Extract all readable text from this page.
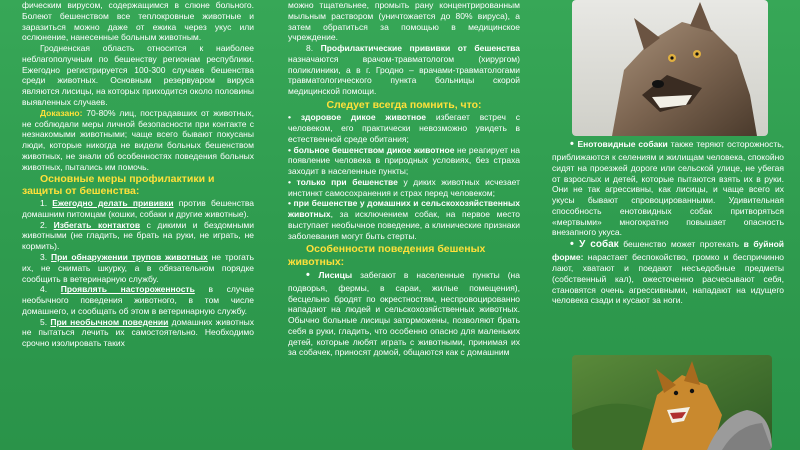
фическим вирусом, содержащимся в слюне больного. Болеют бешенством все теплокровные животные и заразиться можно даже от ежика через укус или ослюнение, нанесенные больным животным.

Гродненская область относится к наиболее неблагополучным по бешенству регионам республики. Ежегодно регистрируется 100-300 случаев бешенства среди животных. Основным резервуаром вируса являются лисицы, на которых приходится около половины выявленных случаев.

Доказано: 70-80% лиц, пострадавших от животных, не соблюдали меры личной безопасности при контакте с незнакомыми животными; чаще всего бывают покусаны люди, которые никогда не видели больных бешенством животных, не знали об особенностях поведения больных животных, пытались им помочь.

Основные меры профилактики и защиты от бешенства:

1. Ежегодно делать прививки против бешенства домашним питомцам (кошки, собаки и другие животные).

2. Избегать контактов с дикими и бездомными животными (не гладить, не брать на руки, не играть, не кормить).

3. При обнаружении трупов животных не трогать их, не снимать шкурку, а в обязательном порядке сообщить в ветеринарную службу.

4. Проявлять настороженность в случае необычного поведения животного, в том числе домашнего, и сообщать об этом в ветеринарную службу.

5. При необычном поведении домашних животных не пытаться лечить их самостоятельно. Необходимо срочно изолировать таких

можно тщательнее, промыть рану концентрированным мыльным раствором (уничтожается до 80% вируса), а затем обратиться за помощью в медицинское учреждение.

8. Профилактические прививки от бешенства назначаются врачом-травматологом (хирургом) поликлиники, а в г. Гродно – врачами-травматологами травматологического пункта больницы скорой медицинской помощи.

Следует всегда помнить, что:

• здоровое дикое животное избегает встреч с человеком, его практически невозможно увидеть в естественной среде обитания;

• больное бешенством дикое животное не реагирует на появление человека в природных условиях, без страха заходит в населенные пункты;

• только при бешенстве у диких животных исчезает инстинкт самосохранения и страх перед человеком;

• при бешенстве у домашних и сельскохозяйственных животных, за исключением собак, на первое место выступает необычное поведение, а клинические признаки заболевания могут быть стерты.

Особенности поведения бешеных животных:

• Лисицы забегают в населенные пункты (на подворья, фермы, в сараи, жилые помещения), бесцельно бродят по окрестностям, неспровоцированно нападают на людей и сельскохозяйственных животных. Обычно больные лисицы заторможены, позволяют брать себя в руки, гладить, что особенно опасно для маленьких детей, которые любят играть с животными, принимая их за собачек, приносят домой, общаются как с домашним

• Енотовидные собаки также теряют осторожность, приближаются к селениям и жилищам человека, спокойно сидят на проезжей дороге или сельской улице, не убегая от взрослых и детей, которые пытаются взять их в руки. Они не так агрессивны, как лисицы, и чаще всего их укусы бывают спровоцированными. Удивительная способность енотовидных собак притворяться «мертвыми» многократно повышает опасность внезапного укуса.

• У собак бешенство может протекать в буйной форме: нарастает беспокойство, громко и беспричинно лают, хватают и поедают несъедобные предметы (собственный кал), ожесточенно расчесывают себя, становятся очень агрессивными, нападают на идущего человека сзади и кусают за ноги.
